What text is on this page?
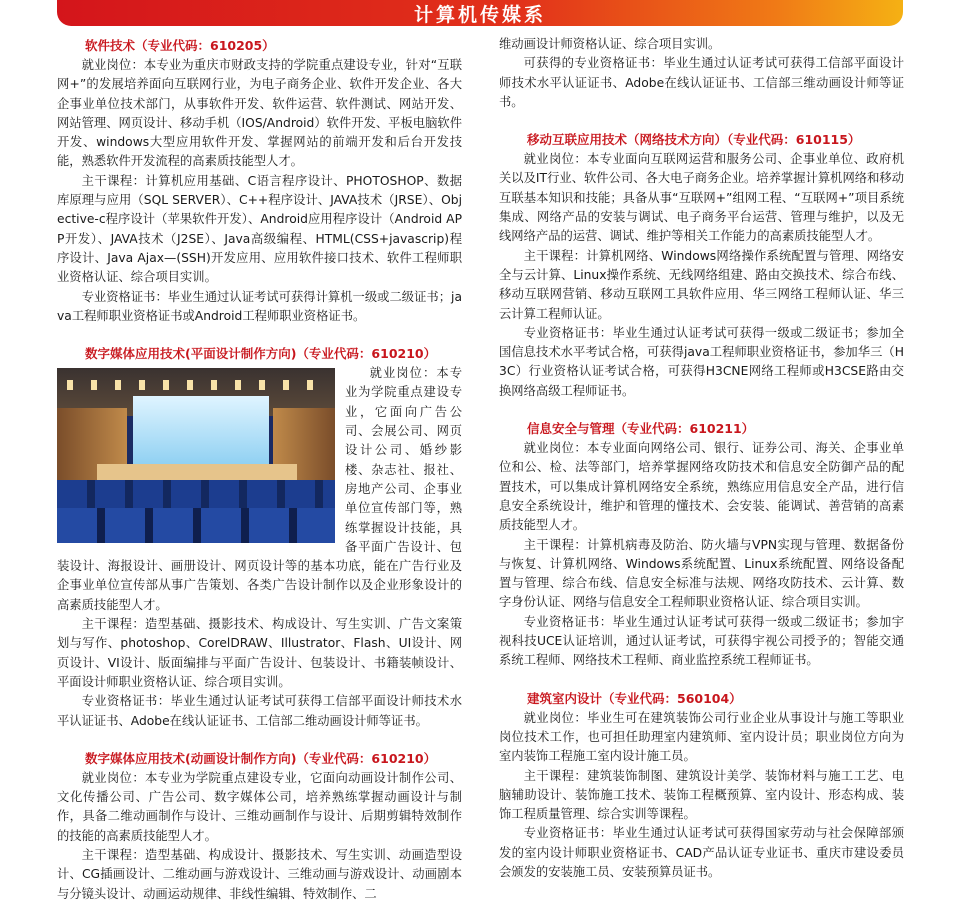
计算机传媒系
软件技术（专业代码：610205）

就业岗位：本专业为重庆市财政支持的学院重点建设专业，针对“互联网+”的发展培养面向互联网行业，为电子商务企业、软件开发企业、各大企事业单位技术部门，从事软件开发、软件运营、软件测试、网站开发、网站管理、网页设计、移动手机（IOS/Android）软件开发、平板电脑软件开发、windows大型应用软件开发、掌握网站的前端开发和后台开发技能，熟悉软件开发流程的高素质技能型人才。

主干课程：计算机应用基础、C语言程序设计、PHOTOSHOP、数据库原理与应用（SQL SERVER）、C++程序设计、JAVA技术（JRSE）、Objective-c程序设计（苹果软件开发）、Android应用程序设计（Android APP开发）、JAVA技术（J2SE）、Java高级编程、HTML(CSS+javascrip)程序设计、Java Ajax—(SSH)开发应用、应用软件接口技术、软件工程师职业资格认证、综合项目实训。

专业资格证书：毕业生通过认证考试可获得计算机一级或二级证书；java工程师职业资格证书或Android工程师职业资格证书。

数字媒体应用技术(平面设计制作方向)（专业代码：610210）

就业岗位：本专业为学院重点建设专业，它面向广告公司、会展公司、网页设计公司、婚纱影楼、杂志社、报社、房地产公司、企事业单位宣传部门等，熟练掌握设计技能，具备平面广告设计、包装设计、海报设计、画册设计、网页设计等的基本功底，能在广告行业及企事业单位宣传部从事广告策划、各类广告设计制作以及企业形象设计的高素质技能型人才。

主干课程：造型基础、摄影技术、构成设计、写生实训、广告文案策划与写作、photoshop、CorelDRAW、Illustrator、Flash、UI设计、网页设计、VI设计、版面编排与平面广告设计、包装设计、书籍装帧设计、平面设计师职业资格认证、综合项目实训。

专业资格证书：毕业生通过认证考试可获得工信部平面设计师技术水平认证证书、Adobe在线认证证书、工信部二维动画设计师等证书。

数字媒体应用技术(动画设计制作方向)（专业代码：610210）

就业岗位：本专业为学院重点建设专业，它面向动画设计制作公司、文化传播公司、广告公司、数字媒体公司，培养熟练掌握动画设计与制作，具备二维动画制作与设计、三维动画制作与设计、后期剪辑特效制作的技能的高素质技能型人才。

主干课程：造型基础、构成设计、摄影技术、写生实训、动画造型设计、CG插画设计、二维动画与游戏设计、三维动画与游戏设计、动画剧本与分镜头设计、动画运动规律、非线性编辑、特效制作、二

维动画设计师资格认证、综合项目实训。

可获得的专业资格证书：毕业生通过认证考试可获得工信部平面设计师技术水平认证证书、Adobe在线认证证书、工信部三维动画设计师等证书。

移动互联应用技术（网络技术方向）（专业代码：610115）

就业岗位：本专业面向互联网运营和服务公司、企事业单位、政府机关以及IT行业、软件公司、各大电子商务企业。培养掌握计算机网络和移动互联基本知识和技能；具备从事“互联网+”组网工程、“互联网+”项目系统集成、网络产品的安装与调试、电子商务平台运营、管理与维护，以及无线网络产品的运营、调试、维护等相关工作能力的高素质技能型人才。

主干课程：计算机网络、Windows网络操作系统配置与管理、网络安全与云计算、Linux操作系统、无线网络组建、路由交换技术、综合布线、移动互联网营销、移动互联网工具软件应用、华三网络工程师认证、华三云计算工程师认证。

专业资格证书：毕业生通过认证考试可获得一级或二级证书；参加全国信息技术水平考试合格，可获得java工程师职业资格证书，参加华三（H3C）行业资格认证考试合格，可获得H3CNE网络工程师或H3CSE路由交换网络高级工程师证书。

信息安全与管理（专业代码：610211）

就业岗位：本专业面向网络公司、银行、证券公司、海关、企事业单位和公、检、法等部门，培养掌握网络攻防技术和信息安全防御产品的配置技术，可以集成计算机网络安全系统，熟练应用信息安全产品，进行信息安全系统设计，维护和管理的懂技术、会安装、能调试、善营销的高素质技能型人才。

主干课程：计算机病毒及防治、防火墙与VPN实现与管理、数据备份与恢复、计算机网络、Windows系统配置、Linux系统配置、网络设备配置与管理、综合布线、信息安全标准与法规、网络攻防技术、云计算、数字身份认证、网络与信息安全工程师职业资格认证、综合项目实训。

专业资格证书：毕业生通过认证考试可获得一级或二级证书；参加宇视科技UCE认证培训，通过认证考试，可获得宇视公司授予的；智能交通系统工程师、网络技术工程师、商业监控系统工程师证书。

建筑室内设计（专业代码：560104）

就业岗位：毕业生可在建筑装饰公司行业企业从事设计与施工等职业岗位技术工作，也可担任助理室内建筑师、室内设计员；职业岗位方向为室内装饰工程施工室内设计施工员。

主干课程：建筑装饰制图、建筑设计美学、装饰材料与施工工艺、电脑辅助设计、装饰施工技术、装饰工程概预算、室内设计、形态构成、装饰工程质量管理、综合实训等课程。

专业资格证书：毕业生通过认证考试可获得国家劳动与社会保障部颁发的室内设计师职业资格证书、CAD产品认证专业证书、重庆市建设委员会颁发的安装施工员、安装预算员证书。
